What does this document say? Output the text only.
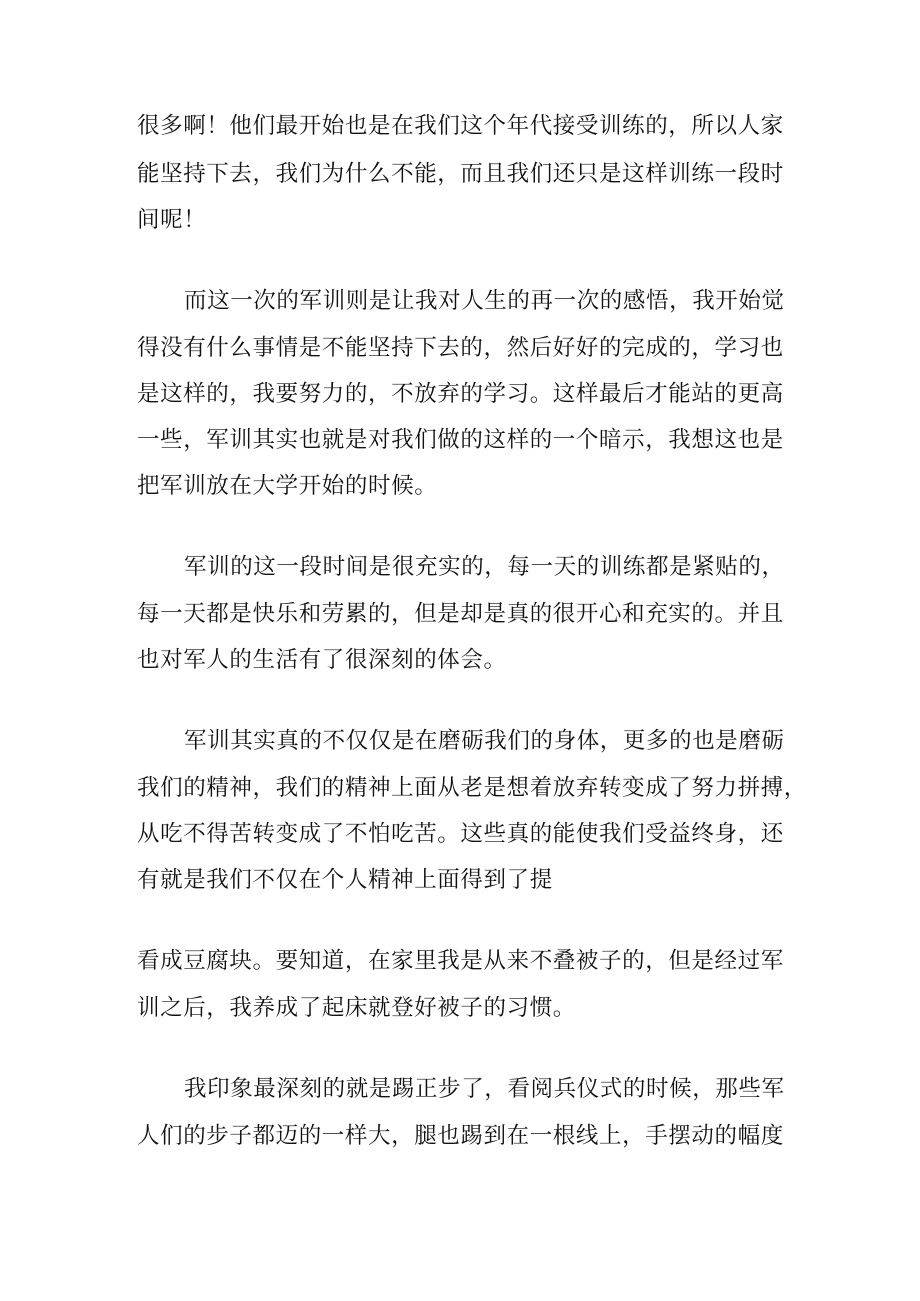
很多啊！他们最开始也是在我们这个年代接受训练的，所以人家
能坚持下去，我们为什么不能，而且我们还只是这样训练一段时
间呢！
而这一次的军训则是让我对人生的再一次的感悟，我开始觉
得没有什么事情是不能坚持下去的，然后好好的完成的，学习也
是这样的，我要努力的，不放弃的学习。这样最后才能站的更高
一些，军训其实也就是对我们做的这样的一个暗示，我想这也是
把军训放在大学开始的时候。
军训的这一段时间是很充实的，每一天的训练都是紧贴的，
每一天都是快乐和劳累的，但是却是真的很开心和充实的。并且
也对军人的生活有了很深刻的体会。
军训其实真的不仅仅是在磨砺我们的身体，更多的也是磨砺
我们的精神，我们的精神上面从老是想着放弃转变成了努力拼搏，
从吃不得苦转变成了不怕吃苦。这些真的能使我们受益终身，还
有就是我们不仅在个人精神上面得到了提
看成豆腐块。要知道，在家里我是从来不叠被子的，但是经过军
训之后，我养成了起床就登好被子的习惯。
我印象最深刻的就是踢正步了，看阅兵仪式的时候，那些军
人们的步子都迈的一样大，腿也踢到在一根线上，手摆动的幅度
